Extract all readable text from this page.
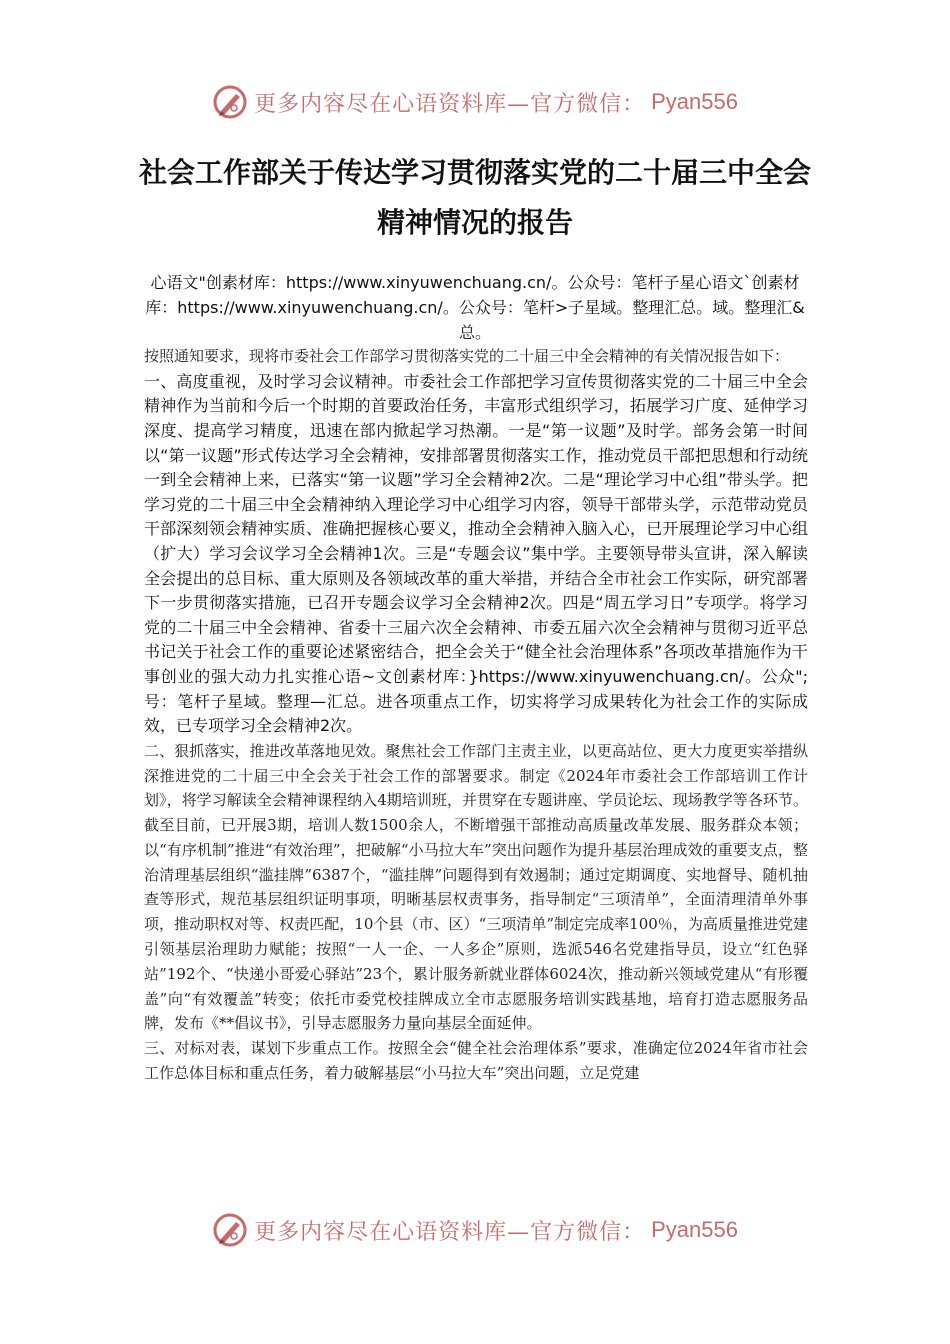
更多内容尽在心语资料库—官方微信： Pyan556
社会工作部关于传达学习贯彻落实党的二十届三中全会精神情况的报告

心语文"创素材库：https://www.xinyuwenchuang.cn/。公众号：笔杆子星心语文`创素材库：https://www.xinyuwenchuang.cn/。公众号：笔杆>子星域。整理汇总。域。整理汇&总。

按照通知要求，现将市委社会工作部学习贯彻落实党的二十届三中全会精神的有关情况报告如下：

一、高度重视，及时学习会议精神。市委社会工作部把学习宣传贯彻落实党的二十届三中全会精神作为当前和今后一个时期的首要政治任务，丰富形式组织学习，拓展学习广度、延伸学习深度、提高学习精度，迅速在部内掀起学习热潮。一是“第一议题”及时学。部务会第一时间以“第一议题”形式传达学习全会精神，安排部署贯彻落实工作，推动党员干部把思想和行动统一到全会精神上来，已落实“第一议题”学习全会精神2次。二是“理论学习中心组”带头学。把学习党的二十届三中全会精神纳入理论学习中心组学习内容，领导干部带头学，示范带动党员干部深刻领会精神实质、准确把握核心要义，推动全会精神入脑入心，已开展理论学习中心组（扩大）学习会议学习全会精神1次。三是“专题会议”集中学。主要领导带头宣讲，深入解读全会提出的总目标、重大原则及各领域改革的重大举措，并结合全市社会工作实际，研究部署下一步贯彻落实措施，已召开专题会议学习全会精神2次。四是“周五学习日”专项学。将学习党的二十届三中全会精神、省委十三届六次全会精神、市委五届六次全会精神与贯彻习近平总书记关于社会工作的重要论述紧密结合，把全会关于“健全社会治理体系”各项改革措施作为干事创业的强大动力扎实推心语~文创素材库：}https://www.xinyuwenchuang.cn/。公众";号：笔杆子星域。整理—汇总。进各项重点工作，切实将学习成果转化为社会工作的实际成效，已专项学习全会精神2次。

二、狠抓落实，推进改革落地见效。聚焦社会工作部门主责主业，以更高站位、更大力度更实举措纵深推进党的二十届三中全会关于社会工作的部署要求。制定《2024年市委社会工作部培训工作计划》，将学习解读全会精神课程纳入4期培训班，并贯穿在专题讲座、学员论坛、现场教学等各环节。截至目前，已开展3期，培训人数1500余人，不断增强干部推动高质量改革发展、服务群众本领；以“有序机制”推进“有效治理”，把破解“小马拉大车”突出问题作为提升基层治理成效的重要支点，整治清理基层组织“滥挂牌”6387个，“滥挂牌”问题得到有效遏制；通过定期调度、实地督导、随机抽查等形式，规范基层组织证明事项，明晰基层权责事务，指导制定“三项清单”，全面清理清单外事项，推动职权对等、权责匹配，10个县（市、区）“三项清单”制定完成率100％，为高质量推进党建引领基层治理助力赋能；按照“一人一企、一人多企”原则，选派546名党建指导员，设立“红色驿站”192个、“快递小哥爱心驿站”23个，累计服务新就业群体6024次，推动新兴领域党建从“有形覆盖”向“有效覆盖”转变；依托市委党校挂牌成立全市志愿服务培训实践基地，培育打造志愿服务品牌，发布《**倡议书》，引导志愿服务力量向基层全面延伸。

三、对标对表，谋划下步重点工作。按照全会“健全社会治理体系”要求，准确定位2024年省市社会工作总体目标和重点任务，着力破解基层“小马拉大车”突出问题，立足党建

更多内容尽在心语资料库—官方微信： Pyan556
